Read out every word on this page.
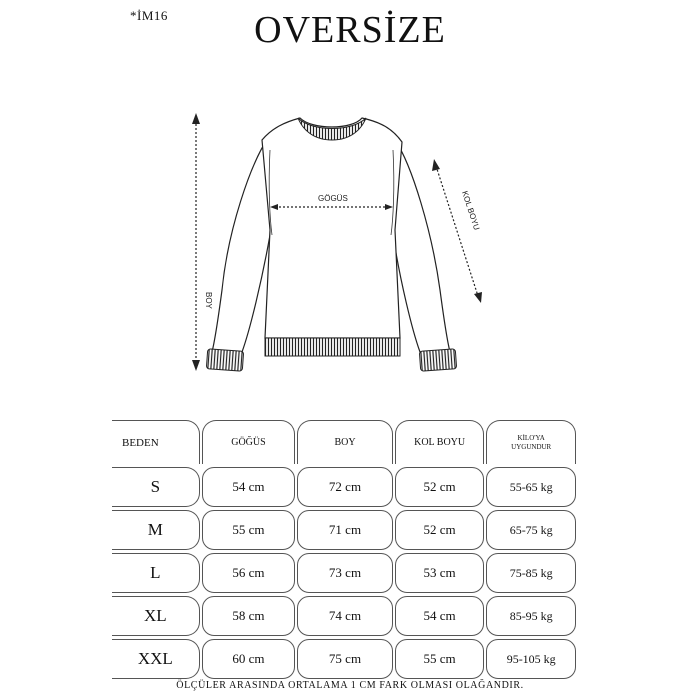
*İM16	OVERSİZE
GÖGÜS
BOY
KOL BOYU
BEDEN	GÖĞÜS	BOY	KOL BOYU	KİLO'YA
UYGUNDUR
S	54 cm	72 cm	52 cm	55-65 kg
M	55 cm	71 cm	52 cm	65-75 kg
L	56 cm	73 cm	53 cm	75-85 kg
XL	58 cm	74 cm	54 cm	85-95 kg
XXL	60 cm	75 cm	55 cm	95-105 kg
ÖLÇÜLER ARASINDA ORTALAMA 1 CM FARK OLMASI OLAĞANDIR.
